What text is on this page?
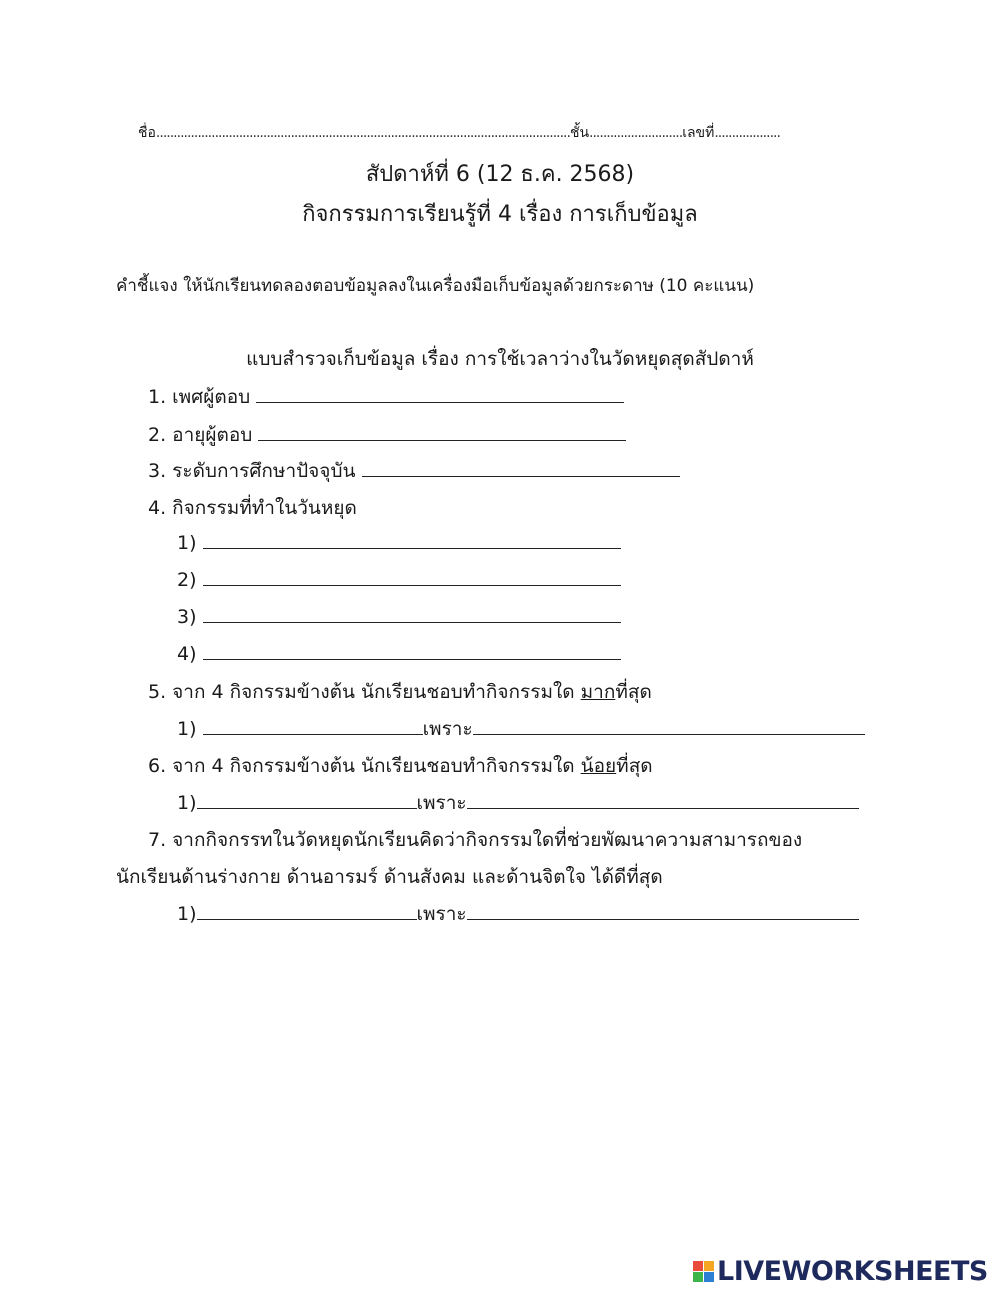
ชื่อ........................................................................................................................ชั้น...........................เลขที่...................
สัปดาห์ที่ 6 (12 ธ.ค. 2568)
กิจกรรมการเรียนรู้ที่ 4 เรื่อง การเก็บข้อมูล
คำชี้แจง ให้นักเรียนทดลองตอบข้อมูลลงในเครื่องมือเก็บข้อมูลด้วยกระดาษ (10 คะแนน)
แบบสำรวจเก็บข้อมูล เรื่อง การใช้เวลาว่างในวัดหยุดสุดสัปดาห์
1. เพศผู้ตอบ
2. อายุผู้ตอบ
3. ระดับการศึกษาปัจจุบัน
4. กิจกรรมที่ทำในวันหยุด
1)
2)
3)
4)
5. จาก 4 กิจกรรมข้างต้น นักเรียนชอบทำกิจกรรมใด มากที่สุด
1)	เพราะ
6. จาก 4 กิจกรรมข้างต้น นักเรียนชอบทำกิจกรรมใด น้อยที่สุด
1)	เพราะ
7. จากกิจกรรทในวัดหยุดนักเรียนคิดว่ากิจกรรมใดที่ช่วยพัฒนาความสามารถของ
นักเรียนด้านร่างกาย ด้านอารมร์ ด้านสังคม และด้านจิตใจ ได้ดีที่สุด
1)	เพราะ
LIVEWORKSHEETS
